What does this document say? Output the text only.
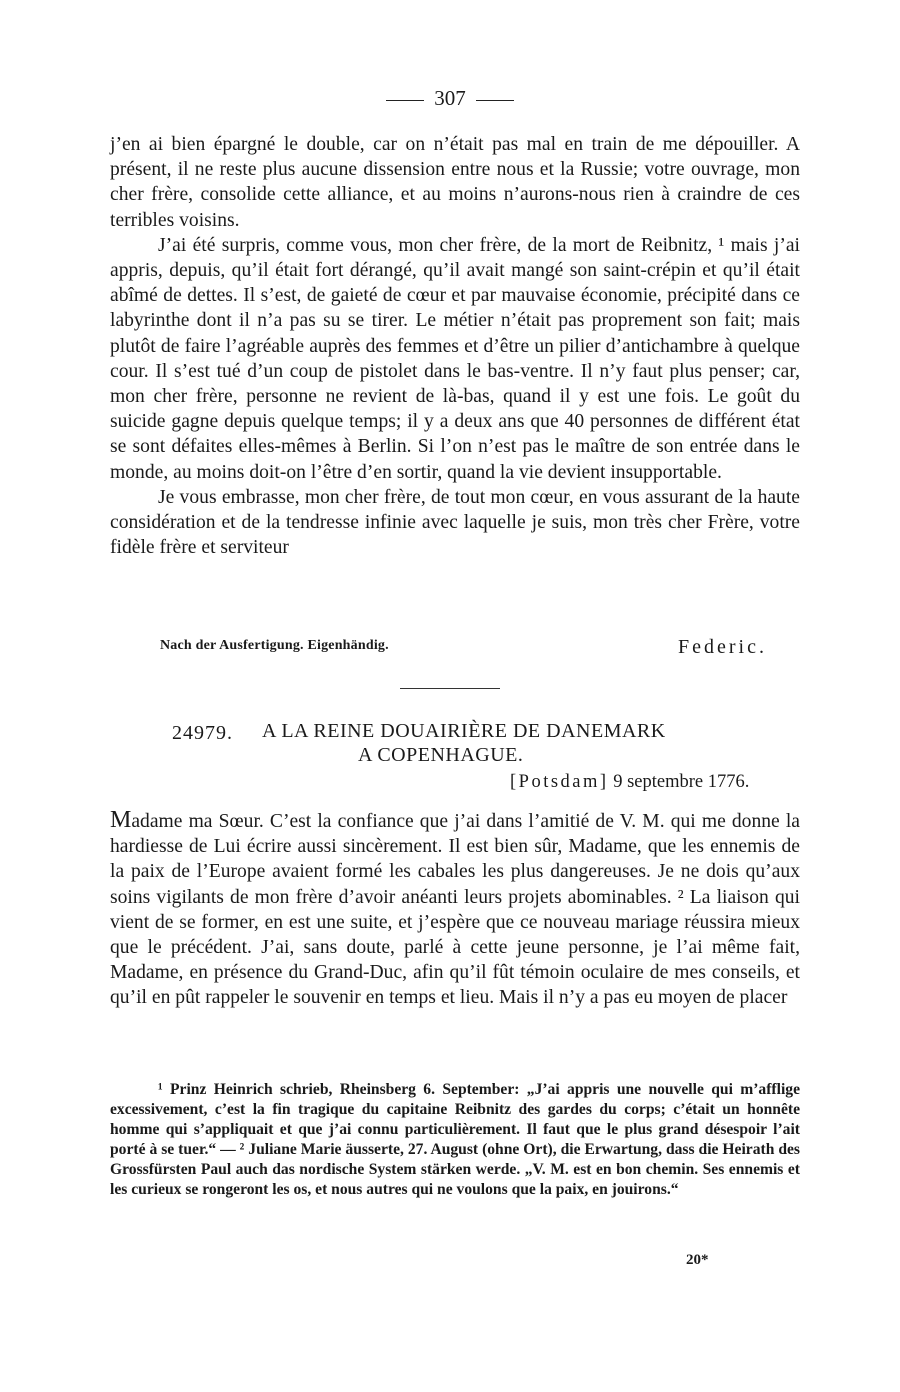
307

j’en ai bien épargné le double, car on n’était pas mal en train de me dépouiller. A présent, il ne reste plus aucune dissension entre nous et la Russie; votre ouvrage, mon cher frère, consolide cette alliance, et au moins n’aurons-nous rien à craindre de ces terribles voisins.

J’ai été surpris, comme vous, mon cher frère, de la mort de Reibnitz, ¹ mais j’ai appris, depuis, qu’il était fort dérangé, qu’il avait mangé son saint-crépin et qu’il était abîmé de dettes. Il s’est, de gaieté de cœur et par mauvaise économie, précipité dans ce labyrinthe dont il n’a pas su se tirer. Le métier n’était pas proprement son fait; mais plutôt de faire l’agréable auprès des femmes et d’être un pilier d’antichambre à quelque cour. Il s’est tué d’un coup de pistolet dans le bas-ventre. Il n’y faut plus penser; car, mon cher frère, personne ne revient de là-bas, quand il y est une fois. Le goût du suicide gagne depuis quelque temps; il y a deux ans que 40 personnes de différent état se sont défaites elles-mêmes à Berlin. Si l’on n’est pas le maître de son entrée dans le monde, au moins doit-on l’être d’en sortir, quand la vie devient insupportable.

Je vous embrasse, mon cher frère, de tout mon cœur, en vous assurant de la haute considération et de la tendresse infinie avec laquelle je suis, mon très cher Frère, votre fidèle frère et serviteur

Nach der Ausfertigung. Eigenhändig.	Federic.
24979. A LA REINE DOUAIRIÈRE DE DANEMARK
A COPENHAGUE.
[Potsdam] 9 septembre 1776.

Madame ma Sœur. C’est la confiance que j’ai dans l’amitié de V. M. qui me donne la hardiesse de Lui écrire aussi sincèrement. Il est bien sûr, Madame, que les ennemis de la paix de l’Europe avaient formé les cabales les plus dangereuses. Je ne dois qu’aux soins vigilants de mon frère d’avoir anéanti leurs projets abominables. ² La liaison qui vient de se former, en est une suite, et j’espère que ce nouveau mariage réussira mieux que le précédent. J’ai, sans doute, parlé à cette jeune personne, je l’ai même fait, Madame, en présence du Grand-Duc, afin qu’il fût témoin oculaire de mes conseils, et qu’il en pût rappeler le souvenir en temps et lieu. Mais il n’y a pas eu moyen de placer

¹ Prinz Heinrich schrieb, Rheinsberg 6. September: „J’ai appris une nouvelle qui m’afflige excessivement, c’est la fin tragique du capitaine Reibnitz des gardes du corps; c’était un honnête homme qui s’appliquait et que j’ai connu particulièrement. Il faut que le plus grand désespoir l’ait porté à se tuer.“ — ² Juliane Marie äusserte, 27. August (ohne Ort), die Erwartung, dass die Heirath des Grossfürsten Paul auch das nordische System stärken werde. „V. M. est en bon chemin. Ses ennemis et les curieux se rongeront les os, et nous autres qui ne voulons que la paix, en jouirons.“

20*
